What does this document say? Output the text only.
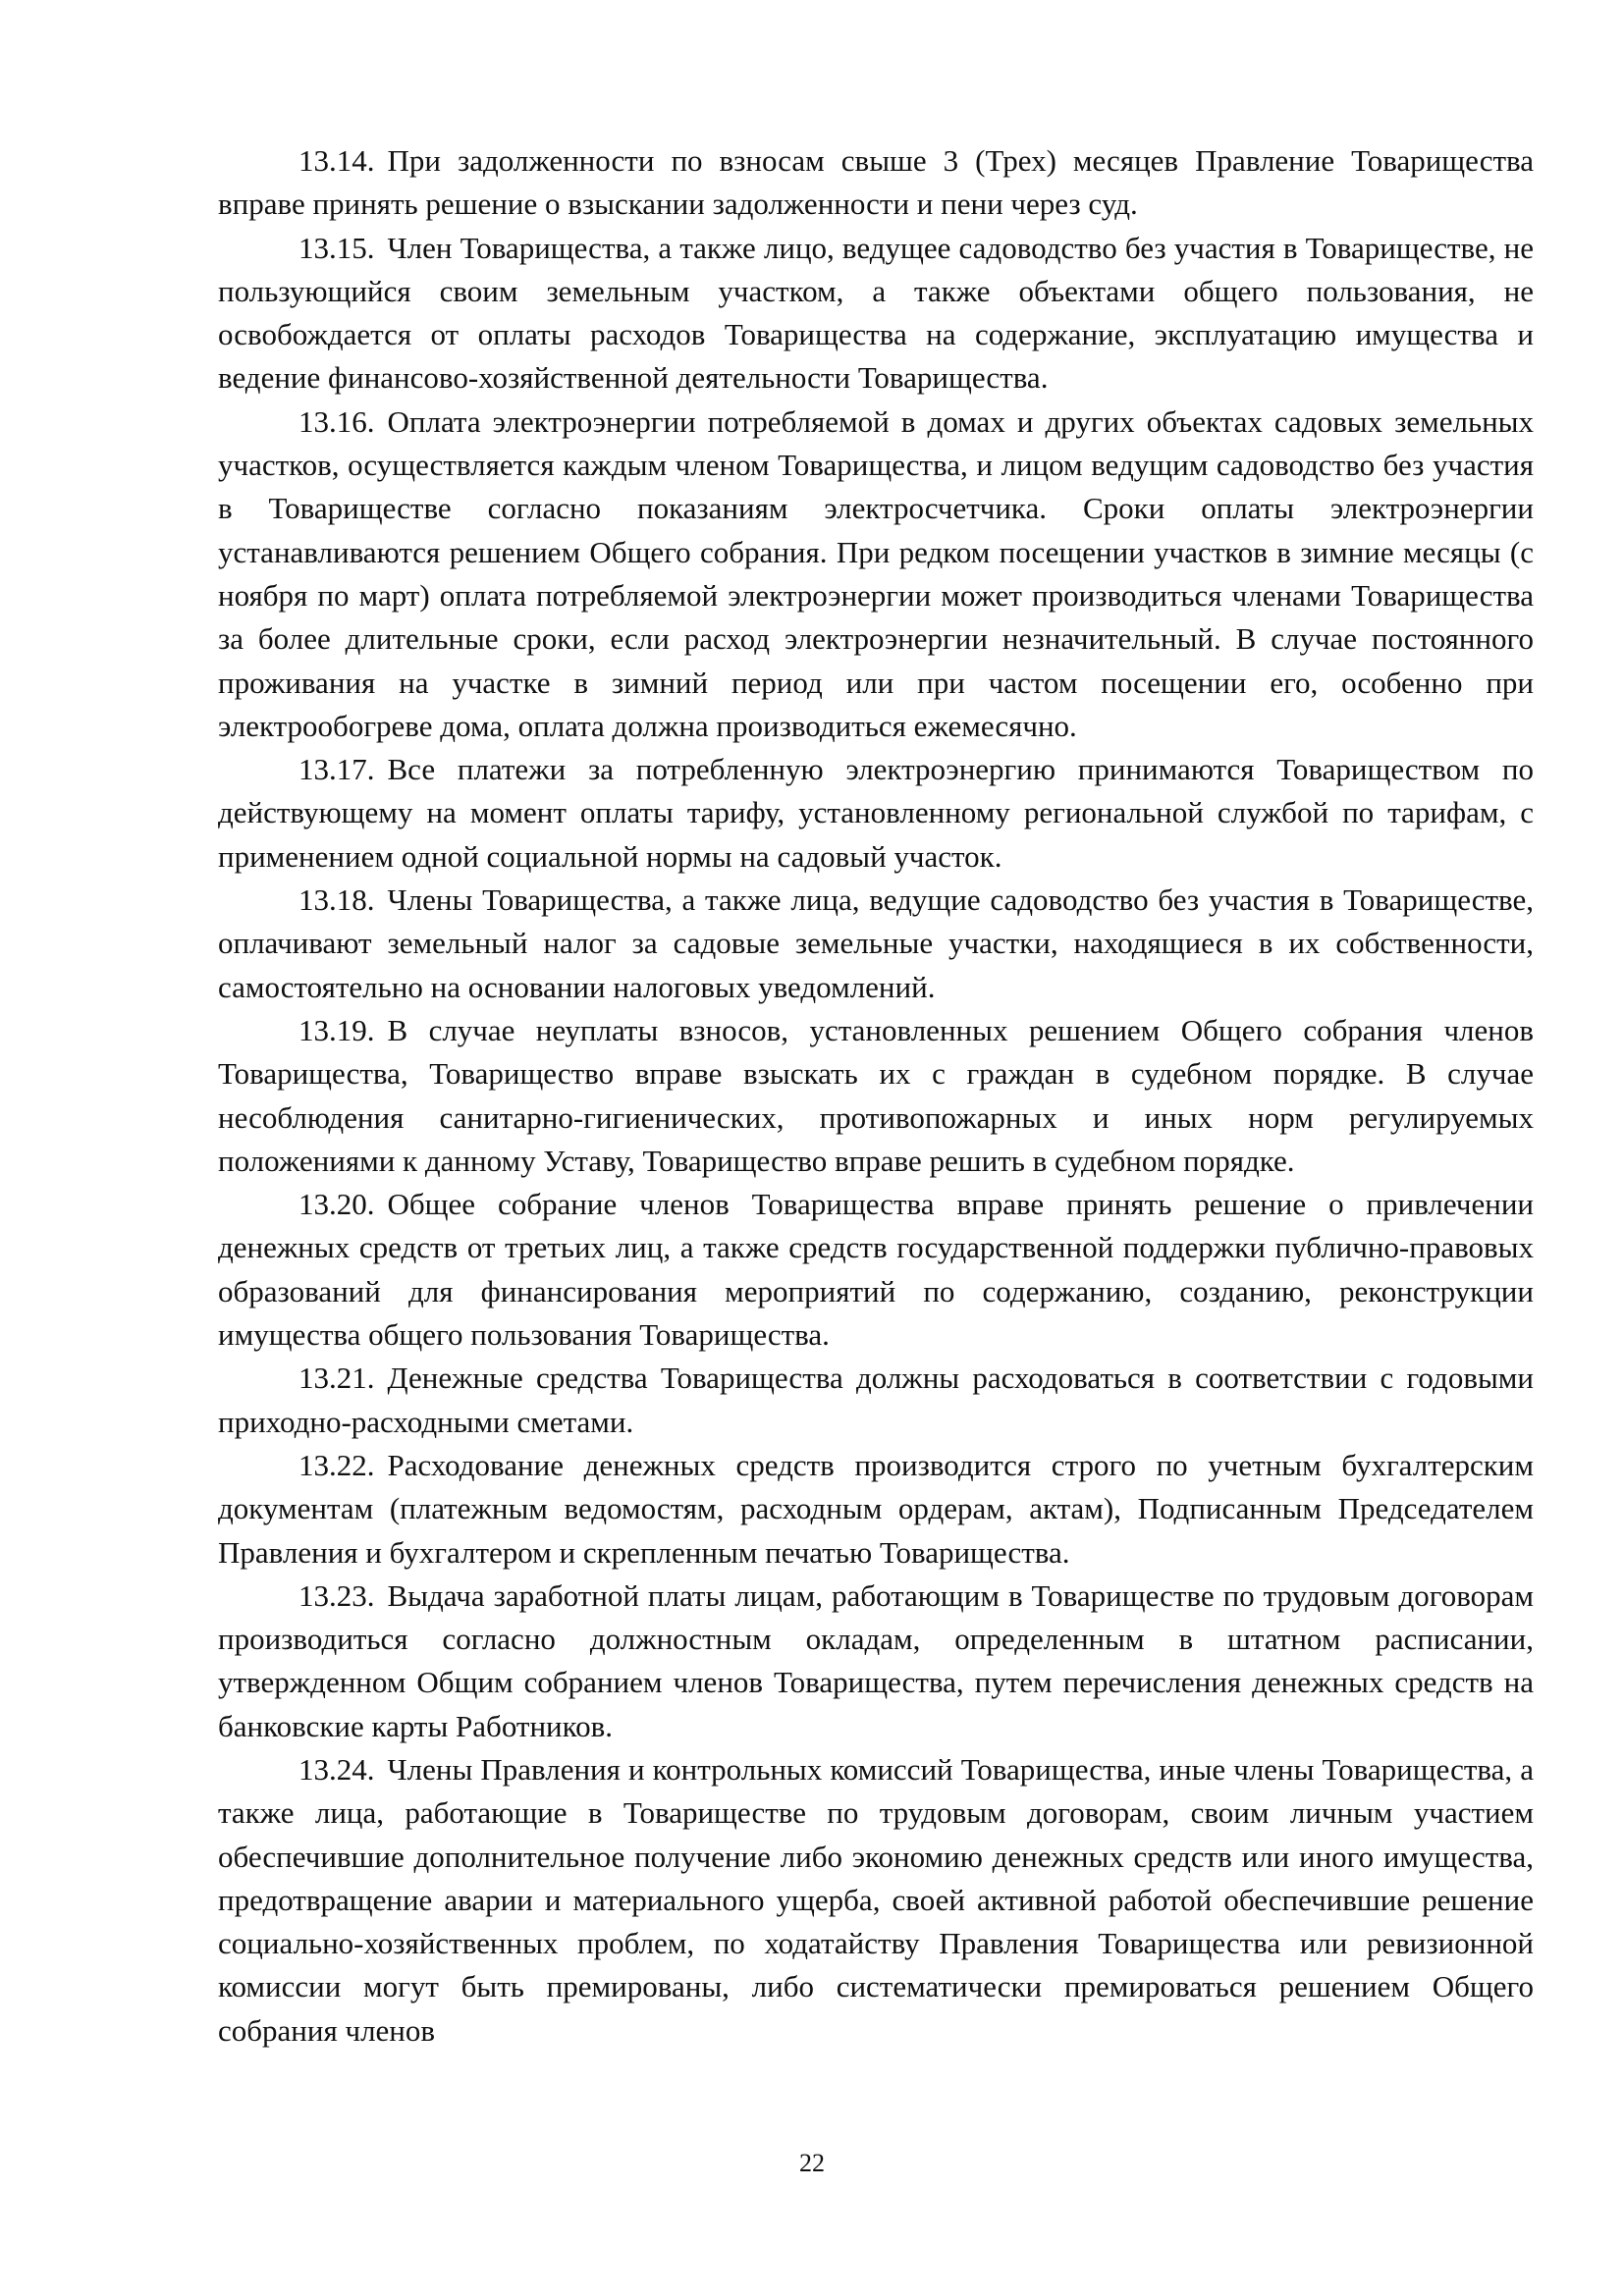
13.14. При задолженности по взносам свыше 3 (Трех) месяцев Правление Товарищества вправе принять решение о взыскании задолженности и пени через суд.

13.15. Член Товарищества, а также лицо, ведущее садоводство без участия в Товариществе, не пользующийся своим земельным участком, а также объектами общего пользования, не освобождается от оплаты расходов Товарищества на содержание, эксплуатацию имущества и ведение финансово-хозяйственной деятельности Товарищества.

13.16. Оплата электроэнергии потребляемой в домах и других объектах садовых земельных участков, осуществляется каждым членом Товарищества, и лицом ведущим садоводство без участия в Товариществе согласно показаниям электросчетчика. Сроки оплаты электроэнергии устанавливаются решением Общего собрания. При редком посещении участков в зимние месяцы (с ноября по март) оплата потребляемой электроэнергии может производиться членами Товарищества за более длительные сроки, если расход электроэнергии незначительный. В случае постоянного проживания на участке в зимний период или при частом посещении его, особенно при электрообогреве дома, оплата должна производиться ежемесячно.

13.17. Все платежи за потребленную электроэнергию принимаются Товариществом по действующему на момент оплаты тарифу, установленному региональной службой по тарифам, с применением одной социальной нормы на садовый участок.

13.18. Члены Товарищества, а также лица, ведущие садоводство без участия в Товариществе, оплачивают земельный налог за садовые земельные участки, находящиеся в их собственности, самостоятельно на основании налоговых уведомлений.

13.19. В случае неуплаты взносов, установленных решением Общего собрания членов Товарищества, Товарищество вправе взыскать их с граждан в судебном порядке. В случае несоблюдения санитарно-гигиенических, противопожарных и иных норм регулируемых положениями к данному Уставу, Товарищество вправе решить в судебном порядке.

13.20. Общее собрание членов Товарищества вправе принять решение о привлечении денежных средств от третьих лиц, а также средств государственной поддержки публично-правовых образований для финансирования мероприятий по содержанию, созданию, реконструкции имущества общего пользования Товарищества.

13.21. Денежные средства Товарищества должны расходоваться в соответствии с годовыми приходно-расходными сметами.

13.22. Расходование денежных средств производится строго по учетным бухгалтерским документам (платежным ведомостям, расходным ордерам, актам), Подписанным Председателем Правления и бухгалтером и скрепленным печатью Товарищества.

13.23. Выдача заработной платы лицам, работающим в Товариществе по трудовым договорам производиться согласно должностным окладам, определенным в штатном расписании, утвержденном Общим собранием членов Товарищества, путем перечисления денежных средств на банковские карты Работников.

13.24. Члены Правления и контрольных комиссий Товарищества, иные члены Товарищества, а также лица, работающие в Товариществе по трудовым договорам, своим личным участием обеспечившие дополнительное получение либо экономию денежных средств или иного имущества, предотвращение аварии и материального ущерба, своей активной работой обеспечившие решение социально-хозяйственных проблем, по ходатайству Правления Товарищества или ревизионной комиссии могут быть премированы, либо систематически премироваться решением Общего собрания членов

22
